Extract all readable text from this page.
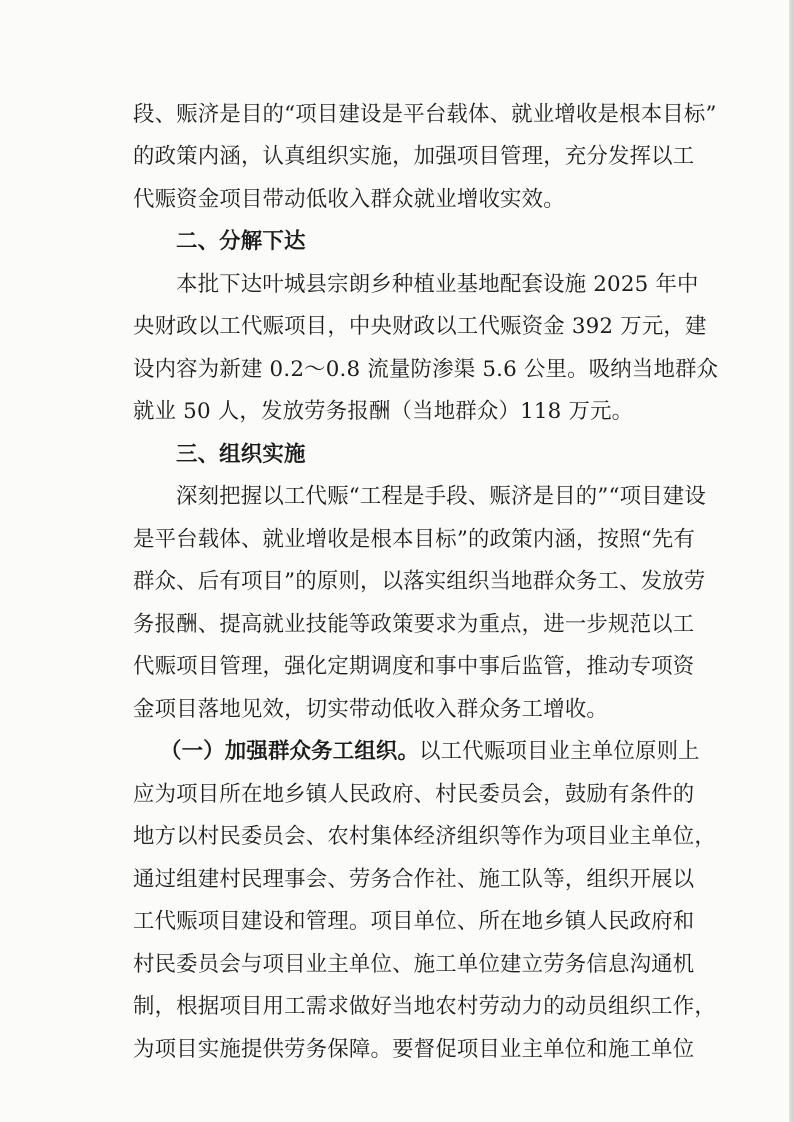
段、赈济是目的“项目建设是平台载体、就业增收是根本目标”
的政策内涵，认真组织实施，加强项目管理，充分发挥以工
代赈资金项目带动低收入群众就业增收实效。
二、分解下达
本批下达叶城县宗朗乡种植业基地配套设施 2025 年中
央财政以工代赈项目，中央财政以工代赈资金 392 万元，建
设内容为新建 0.2～0.8 流量防渗渠 5.6 公里。吸纳当地群众
就业 50 人，发放劳务报酬（当地群众）118 万元。
三、组织实施
深刻把握以工代赈“工程是手段、赈济是目的”“项目建设
是平台载体、就业增收是根本目标”的政策内涵，按照“先有
群众、后有项目”的原则，以落实组织当地群众务工、发放劳
务报酬、提高就业技能等政策要求为重点，进一步规范以工
代赈项目管理，强化定期调度和事中事后监管，推动专项资
金项目落地见效，切实带动低收入群众务工增收。
（一）加强群众务工组织。以工代赈项目业主单位原则上
应为项目所在地乡镇人民政府、村民委员会，鼓励有条件的
地方以村民委员会、农村集体经济组织等作为项目业主单位，
通过组建村民理事会、劳务合作社、施工队等，组织开展以
工代赈项目建设和管理。项目单位、所在地乡镇人民政府和
村民委员会与项目业主单位、施工单位建立劳务信息沟通机
制，根据项目用工需求做好当地农村劳动力的动员组织工作，
为项目实施提供劳务保障。要督促项目业主单位和施工单位
